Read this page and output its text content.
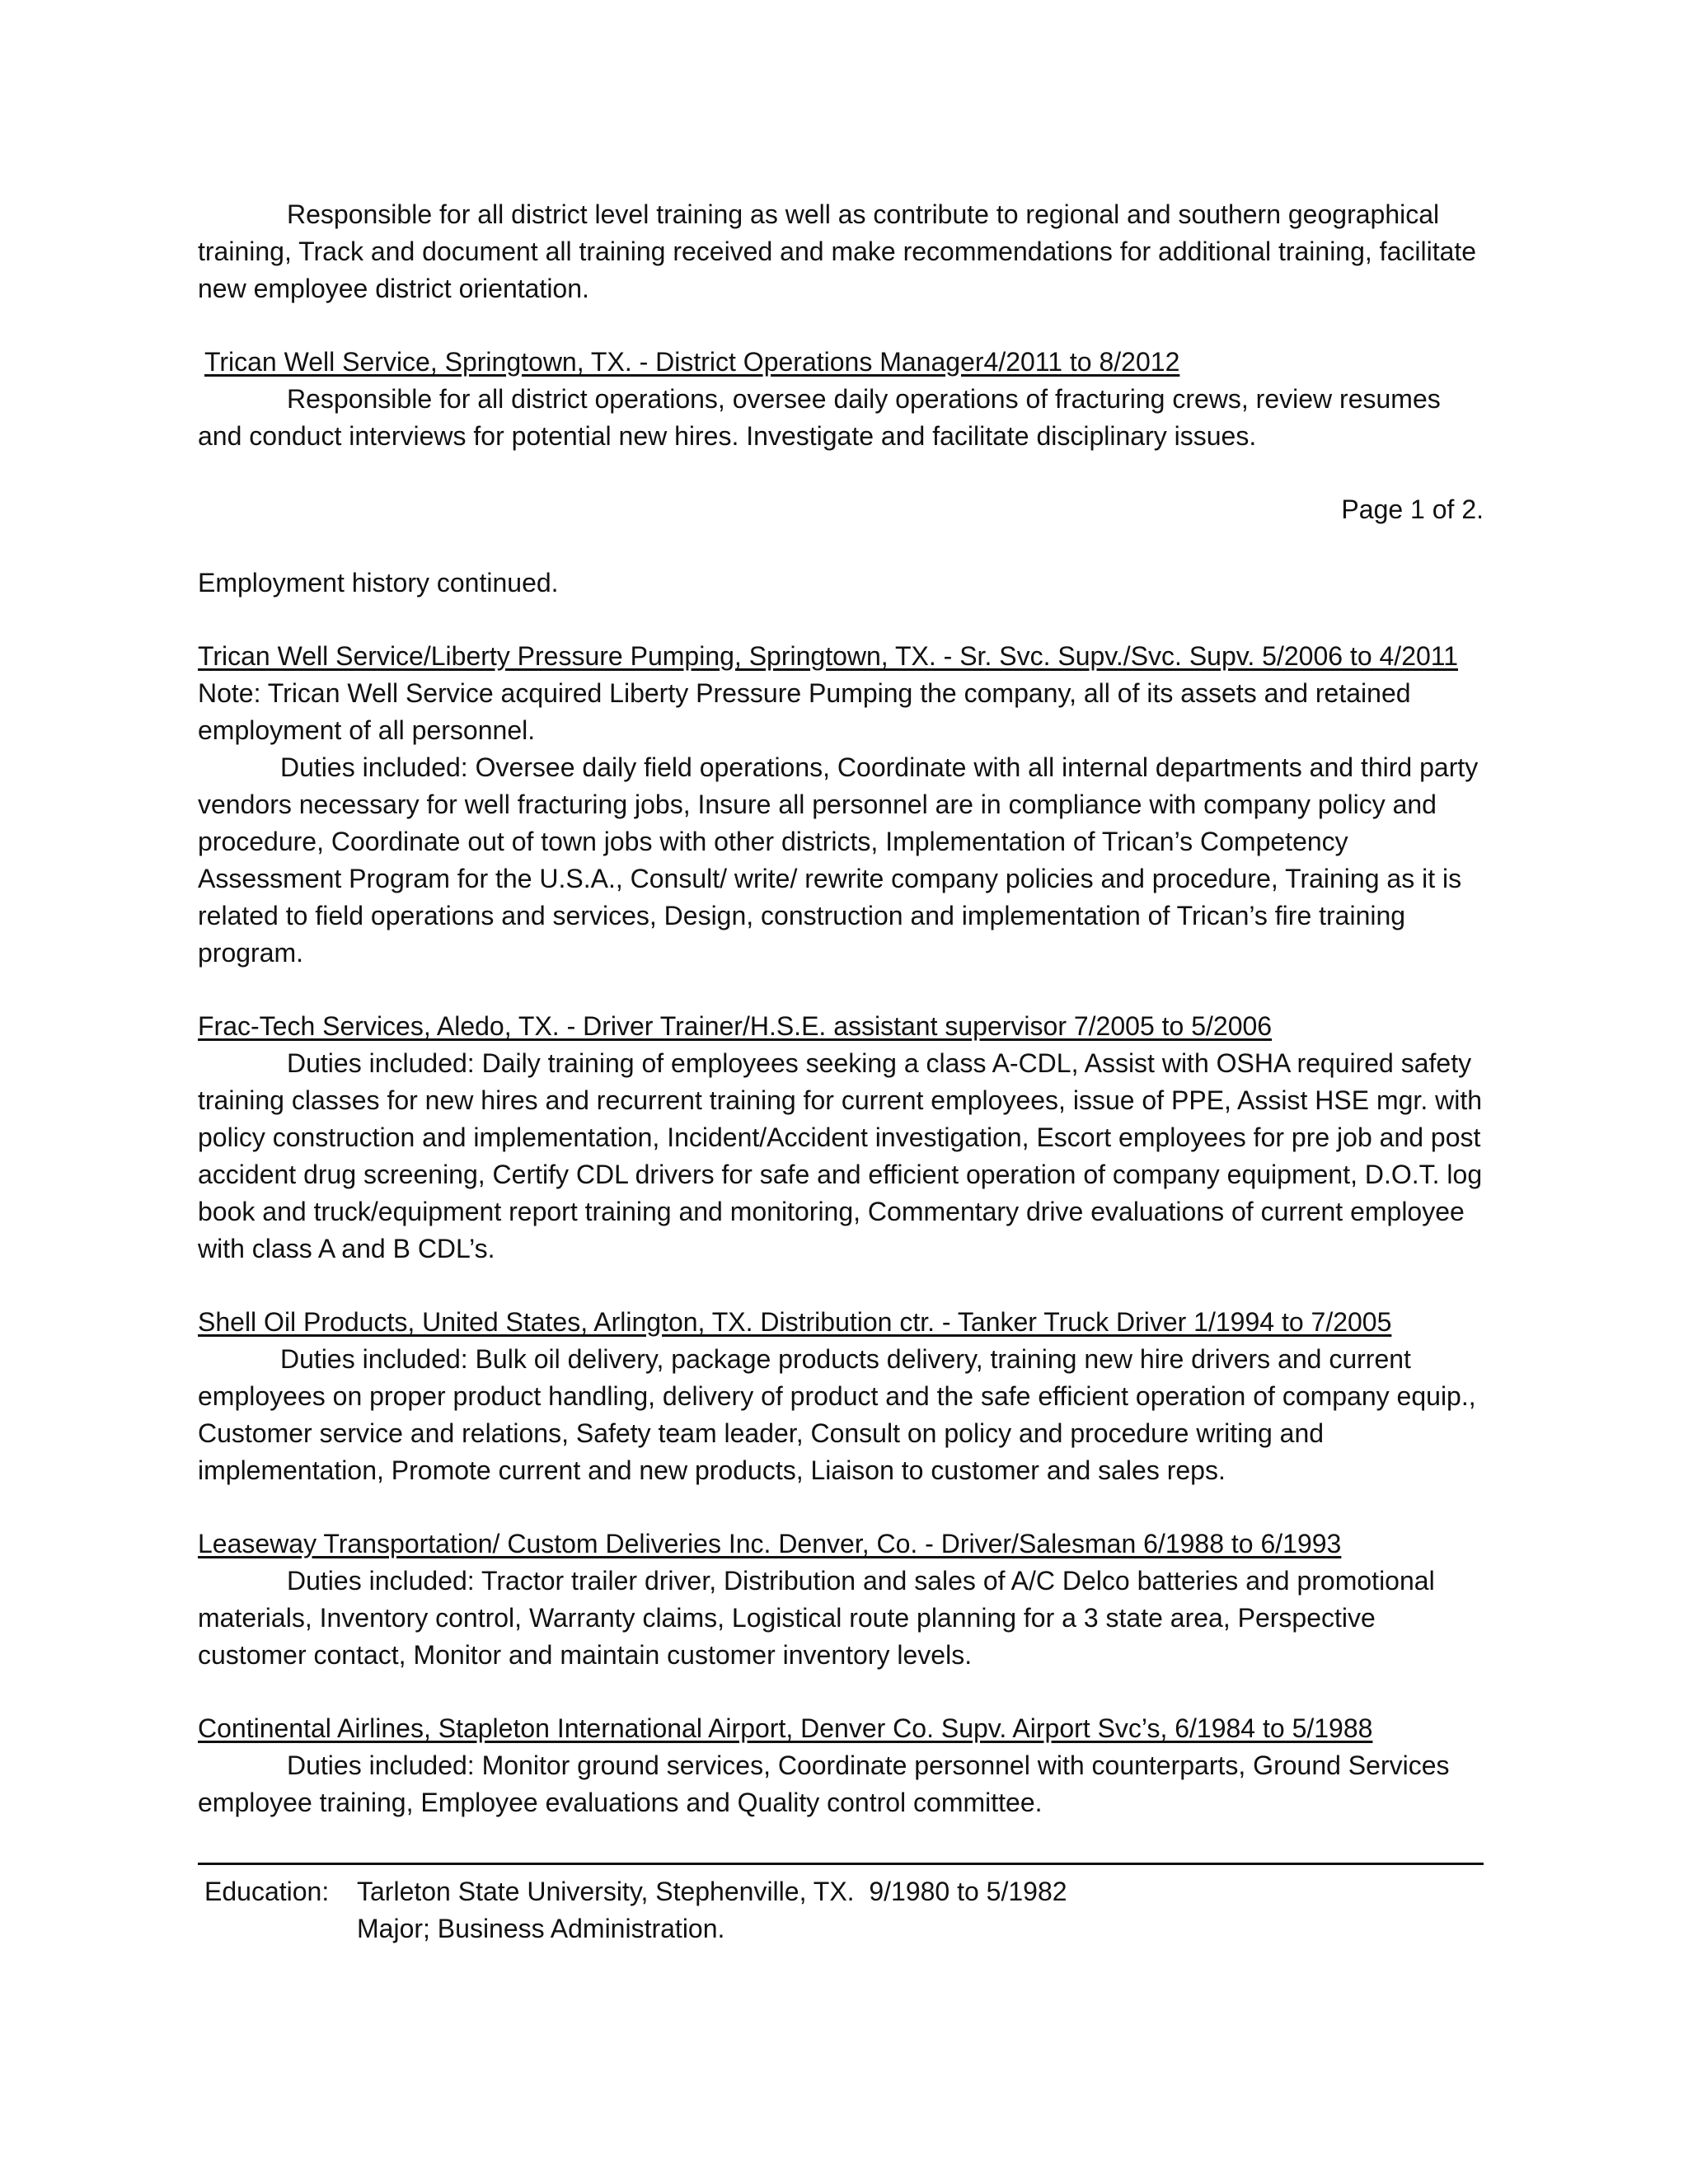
Responsible for all district level training as well as contribute to regional and southern geographical training, Track and document all training received and make recommendations for additional training, facilitate new employee district orientation.

Trican Well Service, Springtown, TX. - District Operations Manager4/2011 to 8/2012

Responsible for all district operations, oversee daily operations of fracturing crews, review resumes and conduct interviews for potential new hires. Investigate and facilitate disciplinary issues.

Page 1 of 2.

Employment history continued.

Trican Well Service/Liberty Pressure Pumping, Springtown, TX. - Sr. Svc. Supv./Svc. Supv. 5/2006 to 4/2011 Note: Trican Well Service acquired Liberty Pressure Pumping the company, all of its assets and retained employment of all personnel.

Duties included: Oversee daily field operations, Coordinate with all internal departments and third party vendors necessary for well fracturing jobs, Insure all personnel are in compliance with company policy and procedure, Coordinate out of town jobs with other districts, Implementation of Trican’s Competency Assessment Program for the U.S.A., Consult/ write/ rewrite company policies and procedure, Training as it is related to field operations and services, Design, construction and implementation of Trican’s fire training program.

Frac-Tech Services, Aledo, TX. - Driver Trainer/H.S.E. assistant supervisor 7/2005 to 5/2006

Duties included: Daily training of employees seeking a class A-CDL, Assist with OSHA required safety training classes for new hires and recurrent training for current employees, issue of PPE, Assist HSE mgr. with policy construction and implementation, Incident/Accident investigation, Escort employees for pre job and post accident drug screening, Certify CDL drivers for safe and efficient operation of company equipment, D.O.T. log book and truck/equipment report training and monitoring, Commentary drive evaluations of current employee with class A and B CDL’s.

Shell Oil Products, United States, Arlington, TX. Distribution ctr. - Tanker Truck Driver 1/1994 to 7/2005

Duties included: Bulk oil delivery, package products delivery, training new hire drivers and current employees on proper product handling, delivery of product and the safe efficient operation of company equip., Customer service and relations, Safety team leader, Consult on policy and procedure writing and implementation, Promote current and new products, Liaison to customer and sales reps.

Leaseway Transportation/ Custom Deliveries Inc. Denver, Co. - Driver/Salesman 6/1988 to 6/1993

Duties included: Tractor trailer driver, Distribution and sales of A/C Delco batteries and promotional materials, Inventory control, Warranty claims, Logistical route planning for a 3 state area, Perspective customer contact, Monitor and maintain customer inventory levels.

Continental Airlines, Stapleton International Airport, Denver Co. Supv. Airport Svc’s, 6/1984 to 5/1988

Duties included: Monitor ground services, Coordinate personnel with counterparts, Ground Services employee training, Employee evaluations and Quality control committee.

Education:	Tarleton State University, Stephenville, TX.  9/1980 to 5/1982

Major; Business Administration.
